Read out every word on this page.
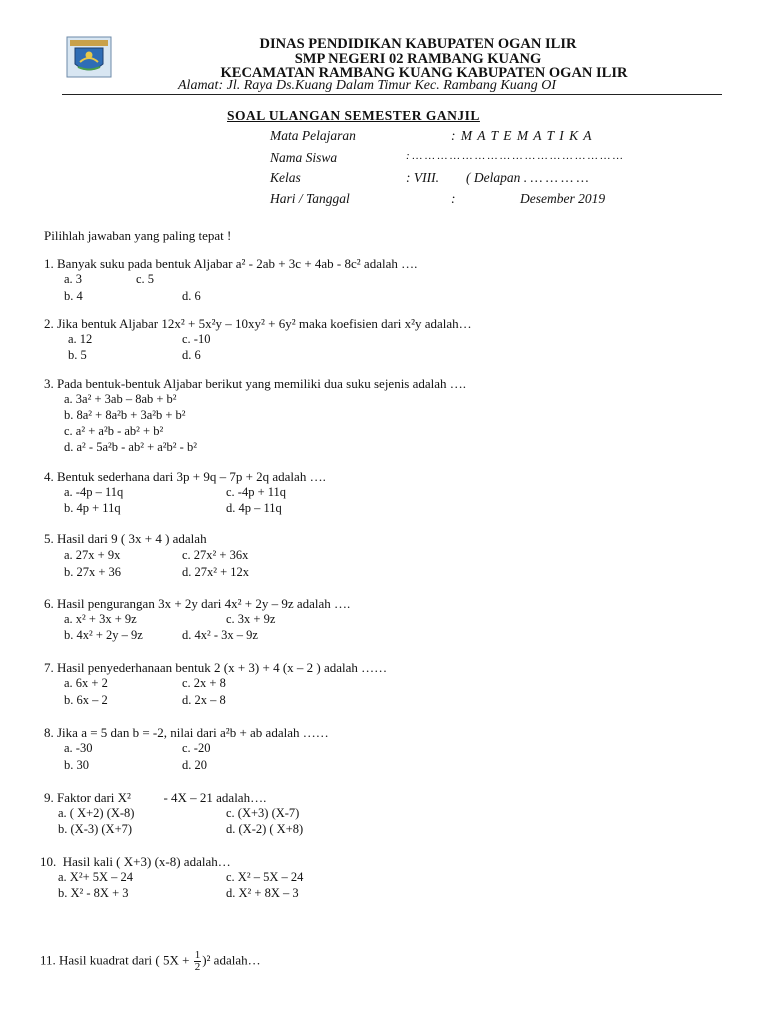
DINAS PENDIDIKAN KABUPATEN OGAN ILIR
SMP NEGERI 02 RAMBANG KUANG
KECAMATAN RAMBANG KUANG KABUPATEN OGAN ILIR
Alamat: Jl. Raya Ds.Kuang Dalam Timur Kec. Rambang Kuang OI
SOAL ULANGAN SEMESTER GANJIL
Mata Pelajaran	: M A T E M A T I K A
Nama Siswa	: … … … … … … … … … … … … … … … … …
Kelas	: VIII. ( Delapan . … … … …
Hari / Tanggal	:	Desember 2019
Pilihlah jawaban yang paling tepat !
1. Banyak suku pada bentuk Aljabar a² - 2ab + 3c + 4ab - 8c² adalah ….
a. 3	c. 5
b. 4	d. 6
2. Jika bentuk Aljabar 12x² + 5x²y – 10xy² + 6y² maka koefisien dari x²y adalah…
a. 12	c. -10
b. 5	d. 6
3. Pada bentuk-bentuk Aljabar berikut yang memiliki dua suku sejenis adalah ….
a. 3a² + 3ab – 8ab + b²
b. 8a² + 8a²b + 3a²b + b²
c. a² + a²b - ab² + b²
d. a² - 5a²b - ab² + a²b² - b²
4. Bentuk sederhana dari 3p + 9q – 7p + 2q adalah ….
a. -4p – 11q	c. -4p + 11q
b. 4p + 11q	d. 4p – 11q
5. Hasil dari 9 ( 3x + 4 ) adalah
a. 27x + 9x	c. 27x² + 36x
b. 27x + 36	d. 27x² + 12x
6. Hasil pengurangan 3x + 2y dari 4x² + 2y – 9z adalah ….
a. x² + 3x + 9z	c. 3x + 9z
b. 4x² + 2y – 9z	d. 4x² - 3x – 9z
7. Hasil penyederhanaan bentuk 2 (x + 3) + 4 (x – 2 ) adalah ……
a. 6x + 2	c. 2x + 8
b. 6x – 2	d. 2x – 8
8. Jika a = 5 dan b = -2, nilai dari a²b + ab adalah ……
a. -30	c. -20
b. 30	d. 20
9. Faktor dari X²          - 4X – 21 adalah….
a. ( X+2) (X-8)	c. (X+3) (X-7)
b. (X-3) (X+7)	d. (X-2) ( X+8)
10.  Hasil kali ( X+3) (x-8) adalah…
a. X²+ 5X – 24	c. X² – 5X – 24
b. X² - 8X + 3	d. X² + 8X – 3
11. Hasil kuadrat dari ( $5X + \frac{1}{2} )^2$ adalah…
